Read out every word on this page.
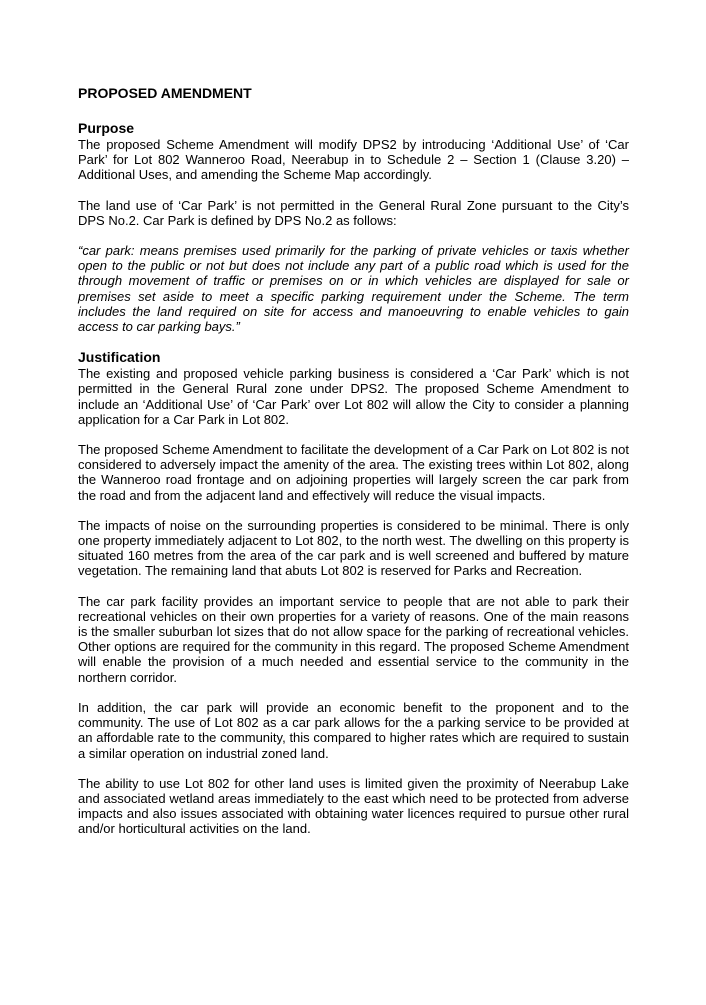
PROPOSED AMENDMENT
Purpose

The proposed Scheme Amendment will modify DPS2 by introducing ‘Additional Use’ of ‘Car Park’ for Lot 802 Wanneroo Road, Neerabup in to Schedule 2 – Section 1 (Clause 3.20) – Additional Uses, and amending the Scheme Map accordingly.

The land use of ‘Car Park’ is not permitted in the General Rural Zone pursuant to the City’s DPS No.2. Car Park is defined by DPS No.2 as follows:

“car park: means premises used primarily for the parking of private vehicles or taxis whether open to the public or not but does not include any part of a public road which is used for the through movement of traffic or premises on or in which vehicles are displayed for sale or premises set aside to meet a specific parking requirement under the Scheme. The term includes the land required on site for access and manoeuvring to enable vehicles to gain access to car parking bays.”

Justification

The existing and proposed vehicle parking business is considered a ‘Car Park’ which is not permitted in the General Rural zone under DPS2. The proposed Scheme Amendment to include an ‘Additional Use’ of ‘Car Park’ over Lot 802 will allow the City to consider a planning application for a Car Park in Lot 802.

The proposed Scheme Amendment to facilitate the development of a Car Park on Lot 802 is not considered to adversely impact the amenity of the area. The existing trees within Lot 802, along the Wanneroo road frontage and on adjoining properties will largely screen the car park from the road and from the adjacent land and effectively will reduce the visual impacts.

The impacts of noise on the surrounding properties is considered to be minimal. There is only one property immediately adjacent to Lot 802, to the north west. The dwelling on this property is situated 160 metres from the area of the car park and is well screened and buffered by mature vegetation. The remaining land that abuts Lot 802 is reserved for Parks and Recreation.

The car park facility provides an important service to people that are not able to park their recreational vehicles on their own properties for a variety of reasons. One of the main reasons is the smaller suburban lot sizes that do not allow space for the parking of recreational vehicles. Other options are required for the community in this regard. The proposed Scheme Amendment will enable the provision of a much needed and essential service to the community in the northern corridor.

In addition, the car park will provide an economic benefit to the proponent and to the community. The use of Lot 802 as a car park allows for the a parking service to be provided at an affordable rate to the community, this compared to higher rates which are required to sustain a similar operation on industrial zoned land.

The ability to use Lot 802 for other land uses is limited given the proximity of Neerabup Lake and associated wetland areas immediately to the east which need to be protected from adverse impacts and also issues associated with obtaining water licences required to pursue other rural and/or horticultural activities on the land.
